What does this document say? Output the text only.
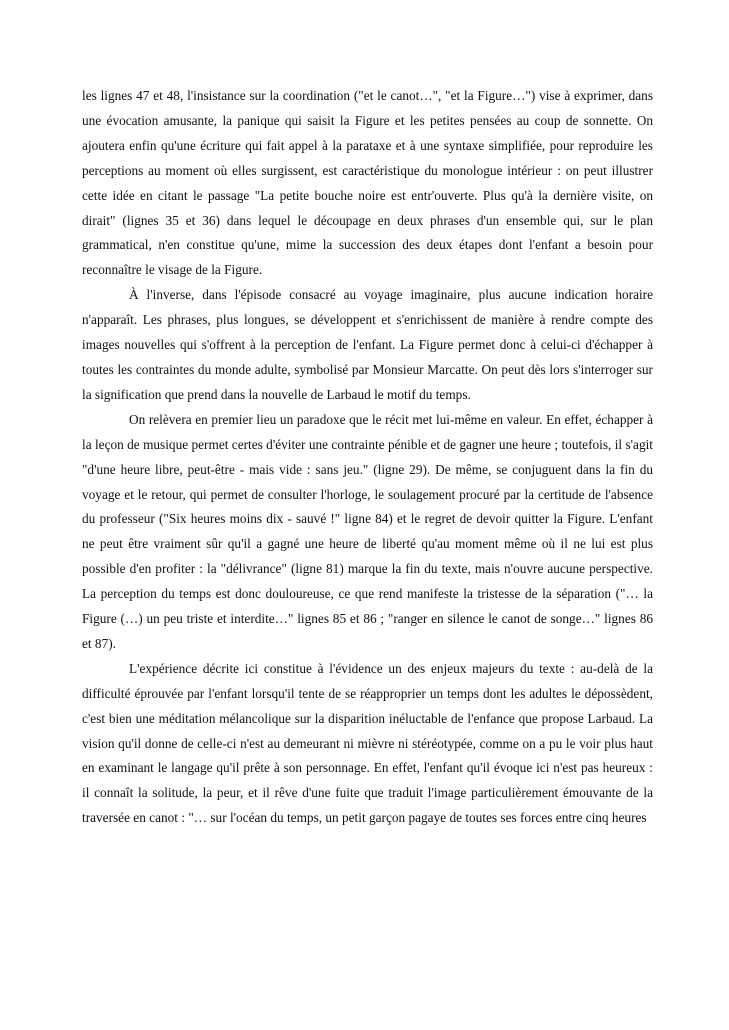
les lignes 47 et 48, l'insistance sur la coordination ("et le canot…", "et la Figure…") vise à exprimer, dans une évocation amusante, la panique qui saisit la Figure et les petites pensées au coup de sonnette. On ajoutera enfin qu'une écriture qui fait appel à la parataxe et à une syntaxe simplifiée, pour reproduire les perceptions au moment où elles surgissent, est caractéristique du monologue intérieur : on peut illustrer cette idée en citant le passage "La petite bouche noire est entr'ouverte. Plus qu'à la dernière visite, on dirait" (lignes 35 et 36) dans lequel le découpage en deux phrases d'un ensemble qui, sur le plan grammatical, n'en constitue qu'une, mime la succession des deux étapes dont l'enfant a besoin pour reconnaître le visage de la Figure.

À l'inverse, dans l'épisode consacré au voyage imaginaire, plus aucune indication horaire n'apparaît. Les phrases, plus longues, se développent et s'enrichissent de manière à rendre compte des images nouvelles qui s'offrent à la perception de l'enfant. La Figure permet donc à celui-ci d'échapper à toutes les contraintes du monde adulte, symbolisé par Monsieur Marcatte. On peut dès lors s'interroger sur la signification que prend dans la nouvelle de Larbaud le motif du temps.

On relèvera en premier lieu un paradoxe que le récit met lui-même en valeur. En effet, échapper à la leçon de musique permet certes d'éviter une contrainte pénible et de gagner une heure ; toutefois, il s'agit "d'une heure libre, peut-être - mais vide : sans jeu." (ligne 29). De même, se conjuguent dans la fin du voyage et le retour, qui permet de consulter l'horloge, le soulagement procuré par la certitude de l'absence du professeur ("Six heures moins dix - sauvé !" ligne 84) et le regret de devoir quitter la Figure. L'enfant ne peut être vraiment sûr qu'il a gagné une heure de liberté qu'au moment même où il ne lui est plus possible d'en profiter : la "délivrance" (ligne 81) marque la fin du texte, mais n'ouvre aucune perspective. La perception du temps est donc douloureuse, ce que rend manifeste la tristesse de la séparation ("… la Figure (…) un peu triste et interdite…" lignes 85 et 86 ; "ranger en silence le canot de songe…" lignes 86 et 87).

L'expérience décrite ici constitue à l'évidence un des enjeux majeurs du texte : au-delà de la difficulté éprouvée par l'enfant lorsqu'il tente de se réapproprier un temps dont les adultes le dépossèdent, c'est bien une méditation mélancolique sur la disparition inéluctable de l'enfance que propose Larbaud. La vision qu'il donne de celle-ci n'est au demeurant ni mièvre ni stéréotypée, comme on a pu le voir plus haut en examinant le langage qu'il prête à son personnage. En effet, l'enfant qu'il évoque ici n'est pas heureux : il connaît la solitude, la peur, et il rêve d'une fuite que traduit l'image particulièrement émouvante de la traversée en canot : "… sur l'océan du temps, un petit garçon pagaye de toutes ses forces entre cinq heures
